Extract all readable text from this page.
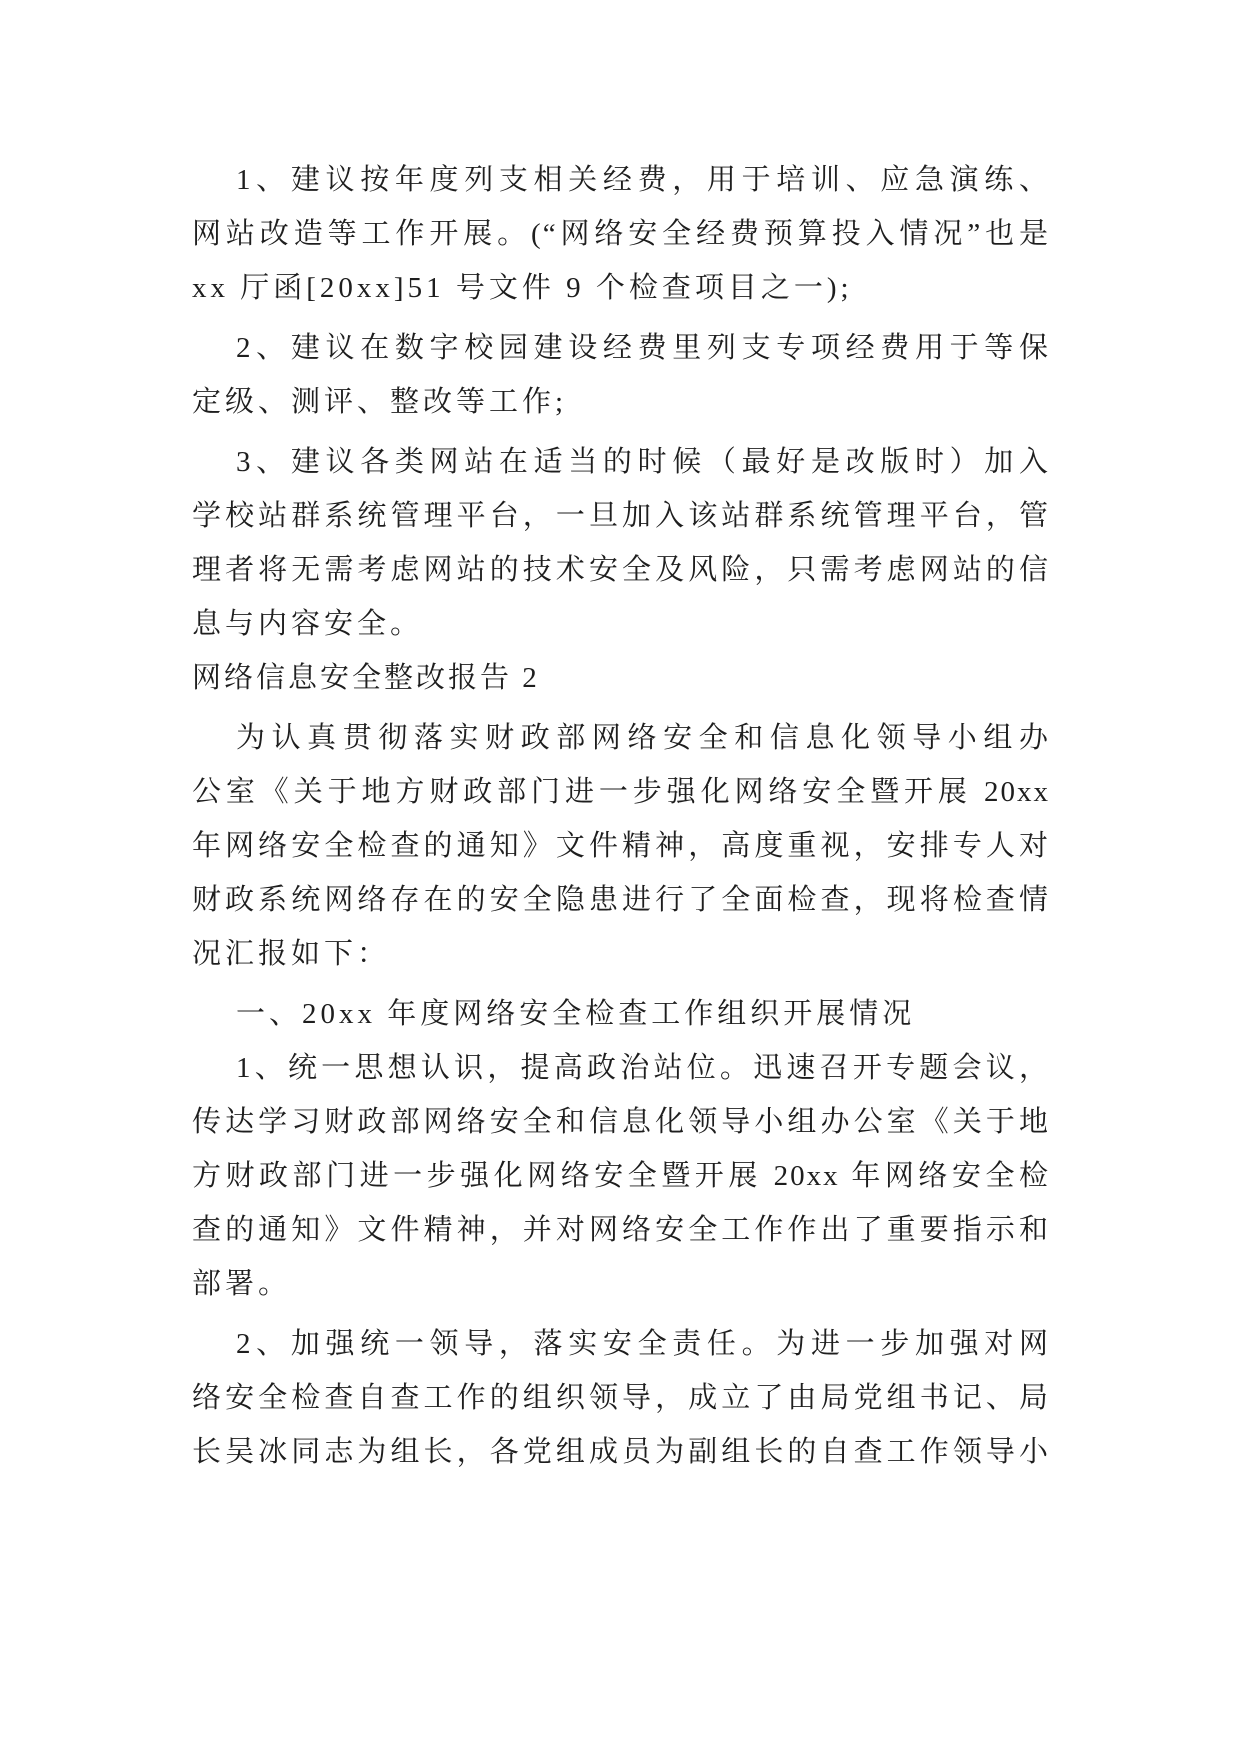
1、建议按年度列支相关经费，用于培训、应急演练、
网站改造等工作开展。(“网络安全经费预算投入情况”也是
xx 厅函[20xx]51 号文件 9 个检查项目之一);
2、建议在数字校园建设经费里列支专项经费用于等保
定级、测评、整改等工作;
3、建议各类网站在适当的时候（最好是改版时）加入
学校站群系统管理平台，一旦加入该站群系统管理平台，管
理者将无需考虑网站的技术安全及风险，只需考虑网站的信
息与内容安全。
网络信息安全整改报告 2
为认真贯彻落实财政部网络安全和信息化领导小组办
公室《关于地方财政部门进一步强化网络安全暨开展 20xx
年网络安全检查的通知》文件精神，高度重视，安排专人对
财政系统网络存在的安全隐患进行了全面检查，现将检查情
况汇报如下：
一、20xx 年度网络安全检查工作组织开展情况
1、统一思想认识，提高政治站位。迅速召开专题会议，
传达学习财政部网络安全和信息化领导小组办公室《关于地
方财政部门进一步强化网络安全暨开展 20xx 年网络安全检
查的通知》文件精神，并对网络安全工作作出了重要指示和
部署。
2、加强统一领导，落实安全责任。为进一步加强对网
络安全检查自查工作的组织领导，成立了由局党组书记、局
长吴冰同志为组长，各党组成员为副组长的自查工作领导小
